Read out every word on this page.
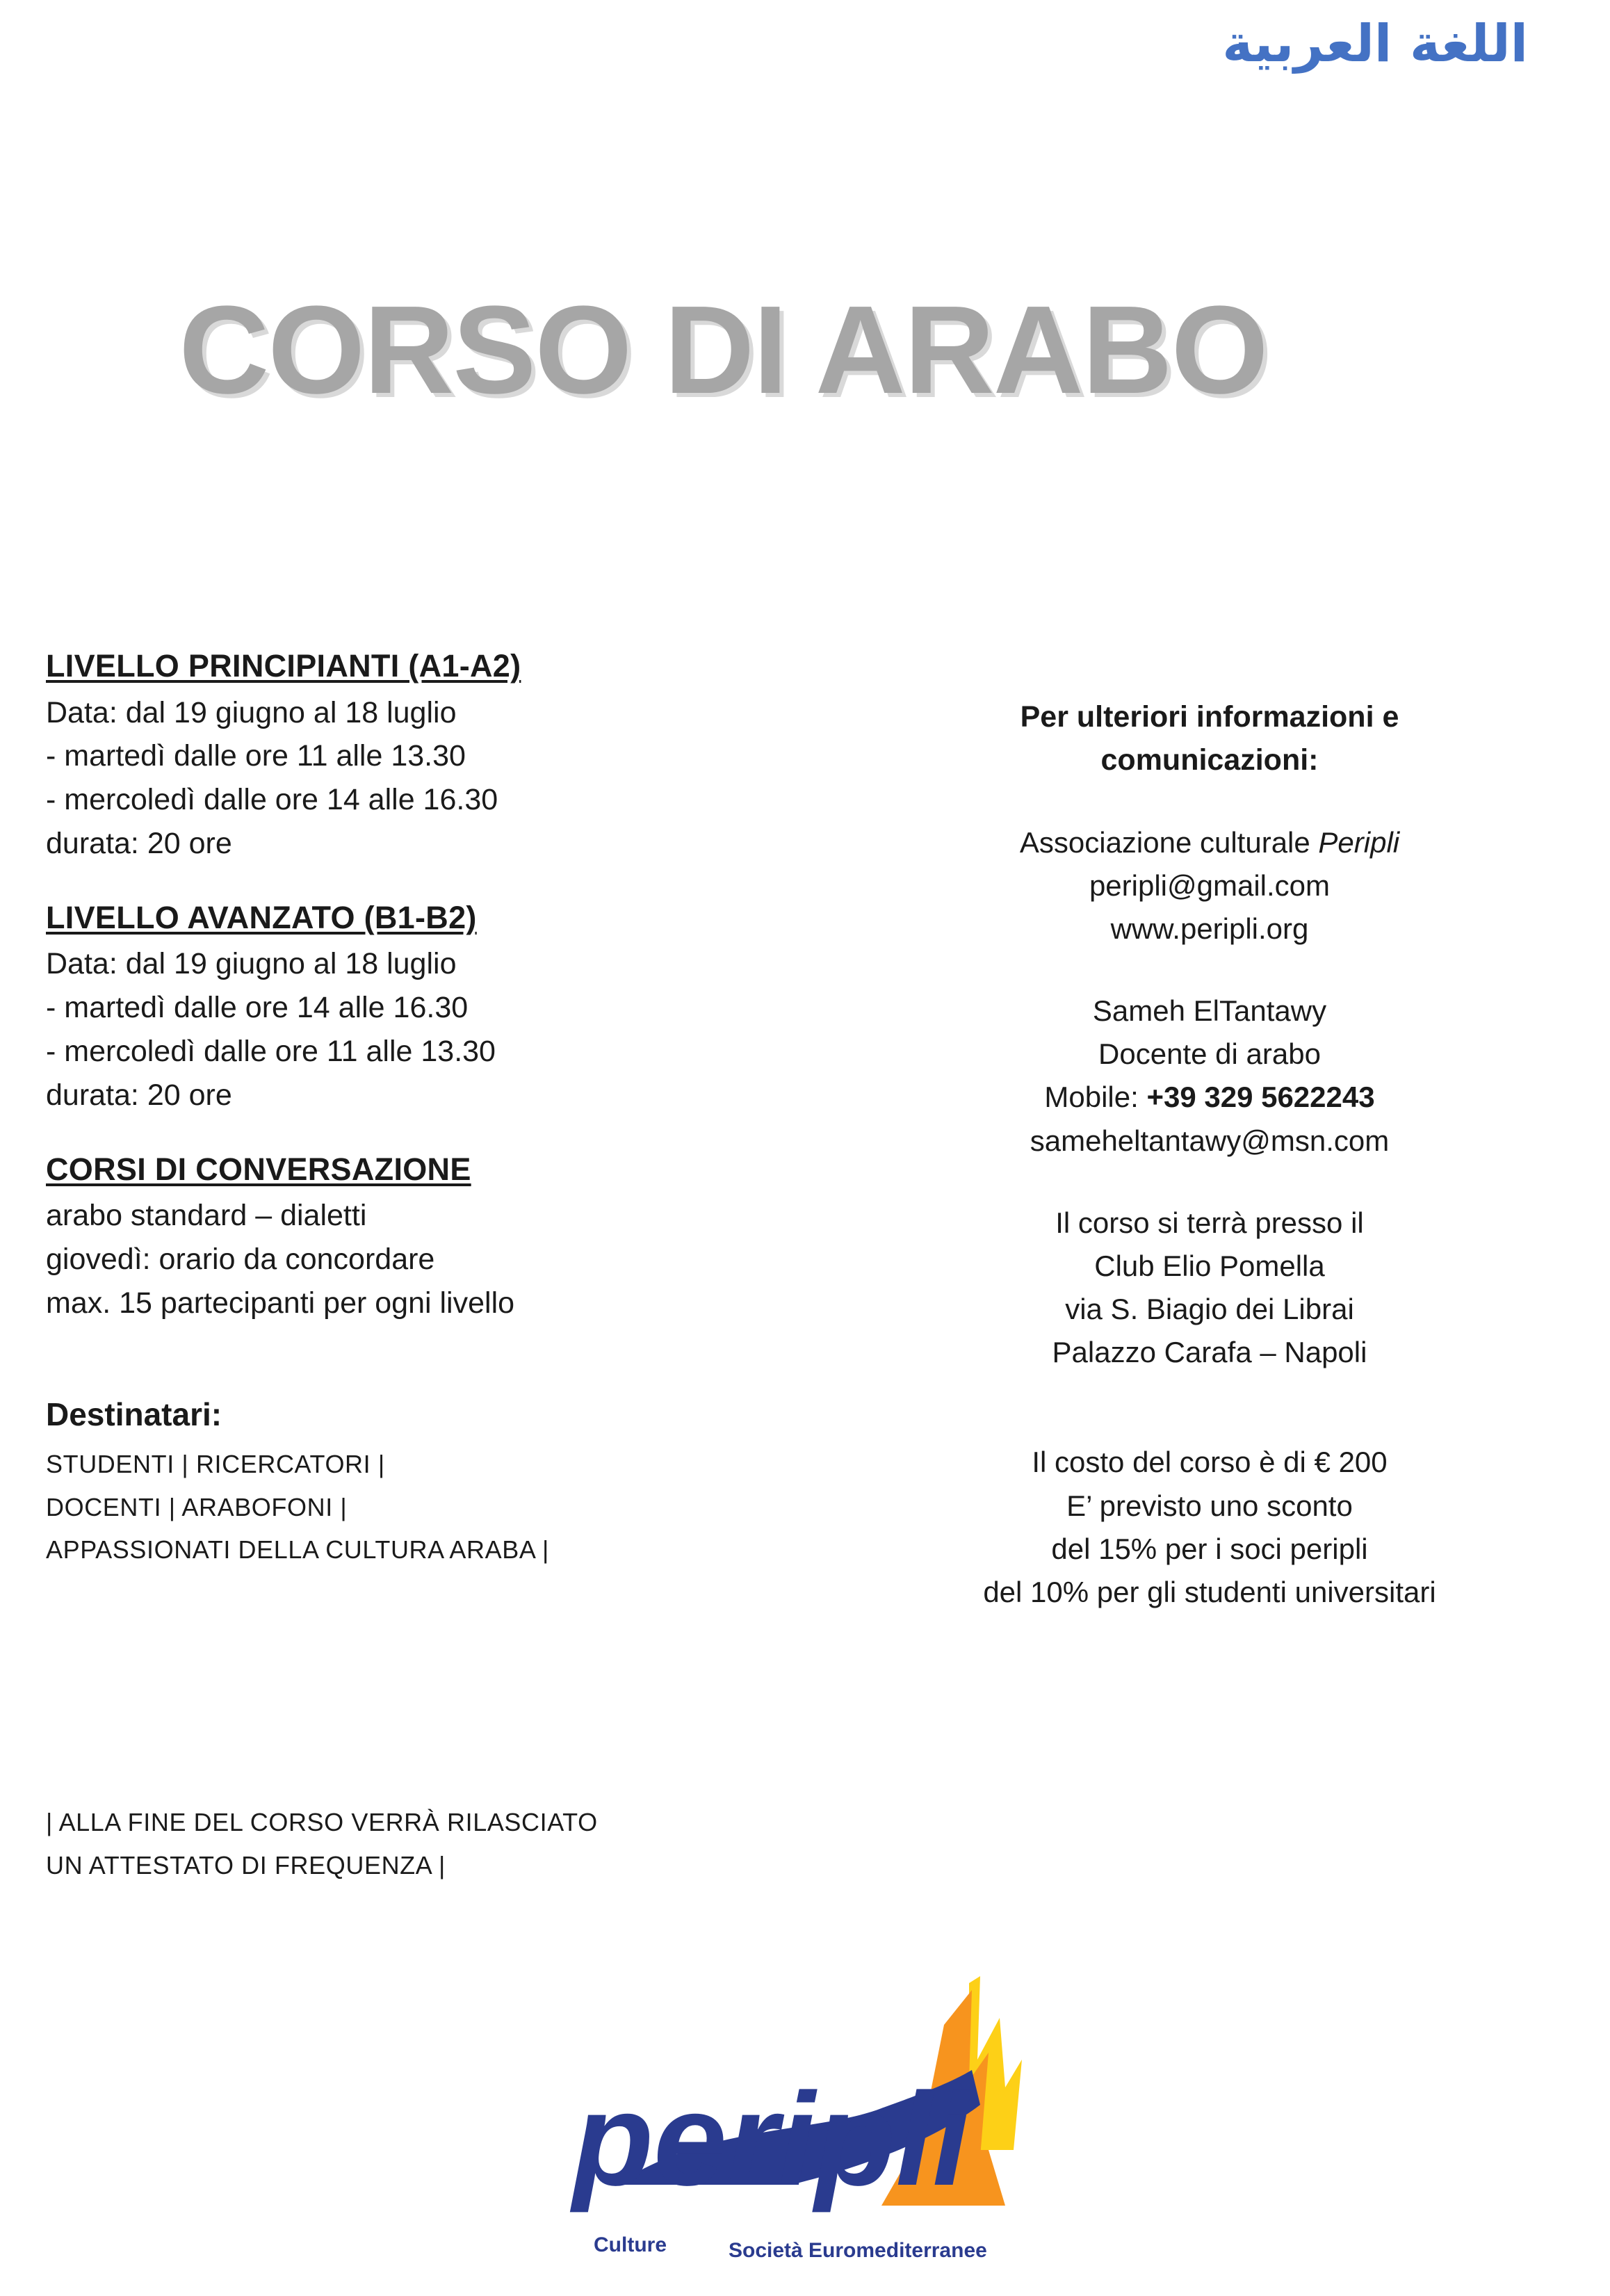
اللغة العربية
CORSO DI ARABO
LIVELLO PRINCIPIANTI (A1-A2)
Data: dal 19 giugno al 18 luglio
- martedì dalle ore 11 alle 13.30
- mercoledì dalle ore 14 alle 16.30
durata: 20 ore
LIVELLO AVANZATO (B1-B2)
Data: dal 19 giugno al 18 luglio
- martedì dalle ore 14 alle 16.30
- mercoledì dalle ore 11 alle 13.30
durata: 20 ore
CORSI DI CONVERSAZIONE
arabo standard – dialetti
giovedì: orario da concordare
max. 15 partecipanti per ogni livello
Destinatari:
STUDENTI | RICERCATORI |
DOCENTI | ARABOFONI |
APPASSIONATI DELLA CULTURA ARABA |
| ALLA FINE DEL CORSO VERRÀ RILASCIATO
UN ATTESTATO DI FREQUENZA |
Per ulteriori informazioni e
comunicazioni:
Associazione culturale Peripli
peripli@gmail.com
www.peripli.org
Sameh ElTantawy
Docente di arabo
Mobile: +39 329 5622243
sameheltantawy@msn.com
Il corso si terrà presso il
Club Elio Pomella
via S. Biagio dei Librai
Palazzo Carafa – Napoli
Il costo del corso è di € 200
E’ previsto uno sconto
del 15% per i soci peripli
del 10% per gli studenti universitari
peripli
Culture	Società Euromediterranee
